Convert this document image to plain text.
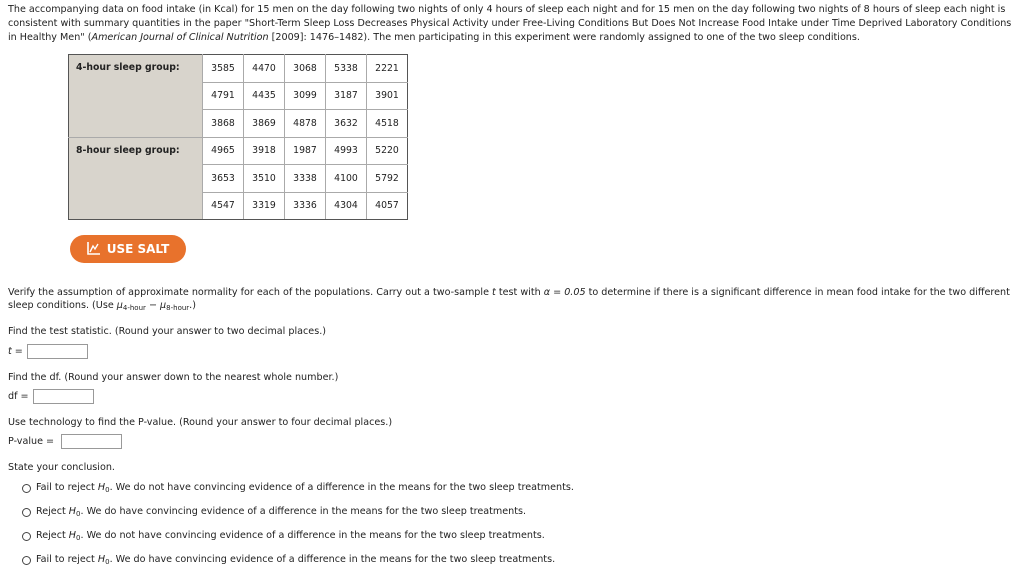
The accompanying data on food intake (in Kcal) for 15 men on the day following two nights of only 4 hours of sleep each night and for 15 men on the day following two nights of 8 hours of sleep each night is consistent with summary quantities in the paper "Short-Term Sleep Loss Decreases Physical Activity under Free-Living Conditions But Does Not Increase Food Intake under Time Deprived Laboratory Conditions in Healthy Men" (American Journal of Clinical Nutrition [2009]: 1476–1482). The men participating in this experiment were randomly assigned to one of the two sleep conditions.
4-hour sleep group:	3585	4470	3068	5338	2221
	4791	4435	3099	3187	3901
	3868	3869	4878	3632	4518

8-hour sleep group:	4965	3918	1987	4993	5220
	3653	3510	3338	4100	5792
	4547	3319	3336	4304	4057
USE SALT
Verify the assumption of approximate normality for each of the populations. Carry out a two-sample t test with α = 0.05 to determine if there is a significant difference in mean food intake for the two different sleep conditions. (Use $\mu_{4-hour} - \mu_{8-hour}$.)
Find the test statistic. (Round your answer to two decimal places.)
t =
Find the df. (Round your answer down to the nearest whole number.)
df =
Use technology to find the P-value. (Round your answer to four decimal places.)
P-value =
State your conclusion.
Fail to reject $H_0$. We do not have convincing evidence of a difference in the means for the two sleep treatments.
Reject $H_0$. We do have convincing evidence of a difference in the means for the two sleep treatments.
Reject $H_0$. We do not have convincing evidence of a difference in the means for the two sleep treatments.
Fail to reject $H_0$. We do have convincing evidence of a difference in the means for the two sleep treatments.
